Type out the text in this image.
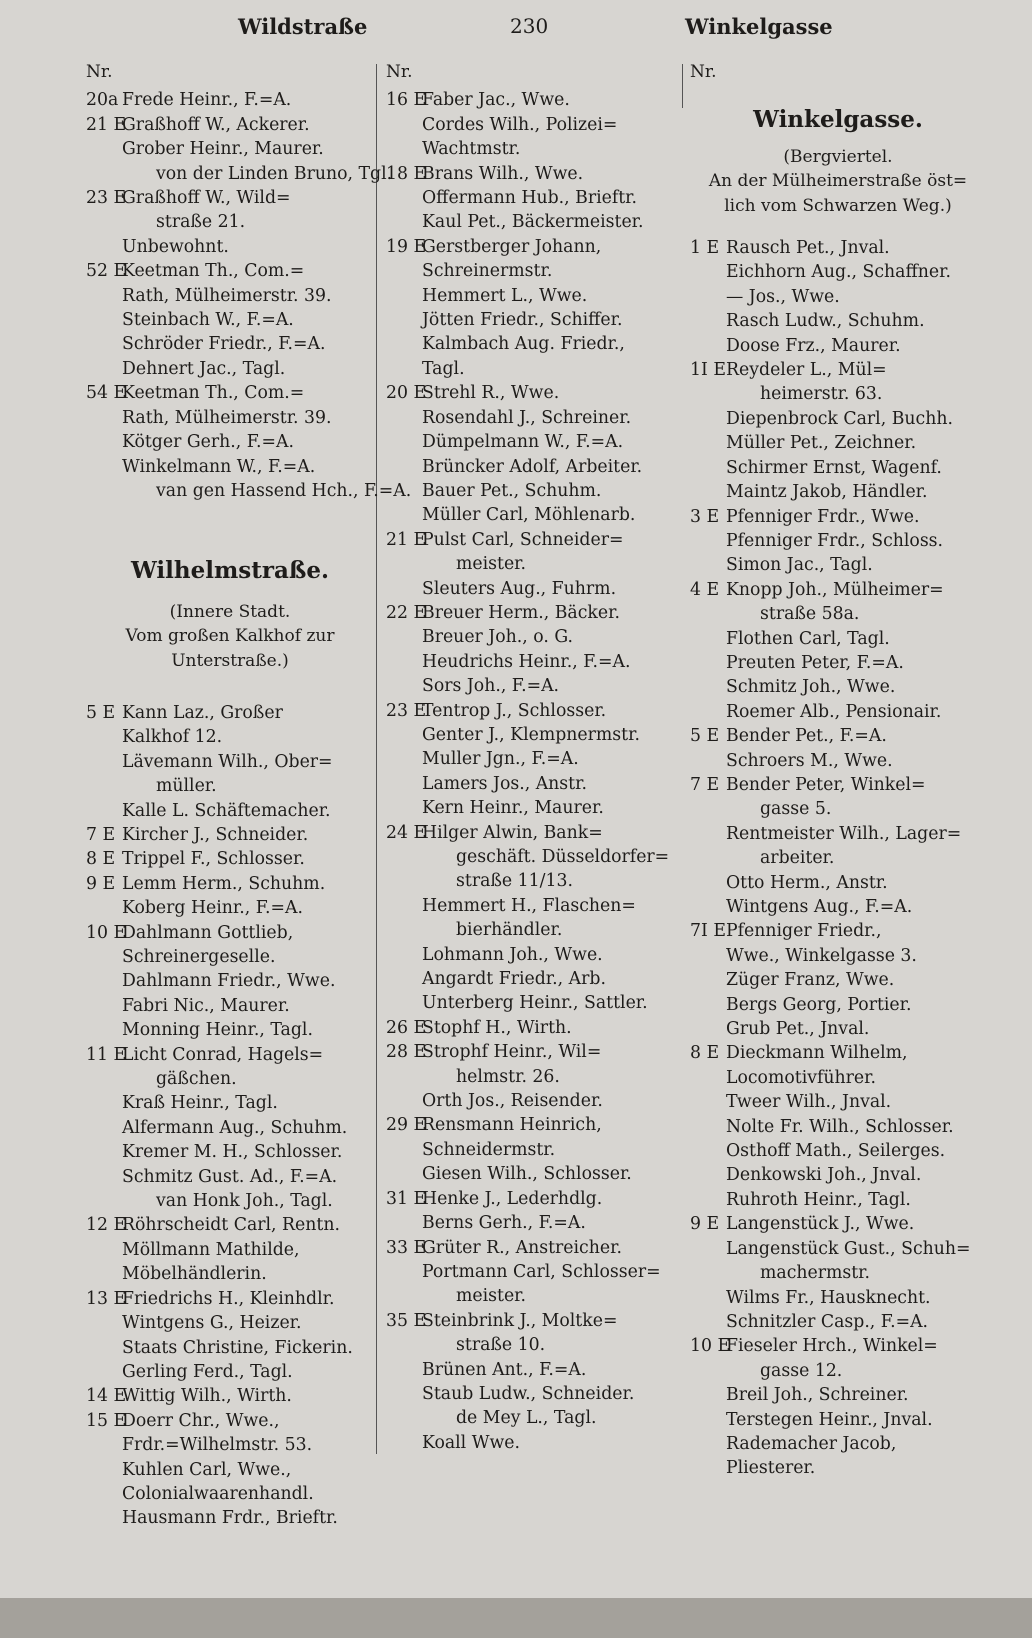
Wildstraße	230	Winkelgasse
Nr.
20a Frede Heinr., F.=A.
21 E
Graßhoff W., Ackerer.
Grober Heinr., Maurer.
von der Linden Bruno, Tgl.
23 E
Graßhoff W., Wild=
straße 21.
Unbewohnt.
52 E
Keetman Th., Com.=
Rath, Mülheimerstr. 39.
Steinbach W., F.=A.
Schröder Friedr., F.=A.
Dehnert Jac., Tagl.
54 E
Keetman Th., Com.=
Rath, Mülheimerstr. 39.
Kötger Gerh., F.=A.
Winkelmann W., F.=A.
van gen Hassend Hch., F.=A.
Wilhelmstraße.
(Innere Stadt.
Vom großen Kalkhof zur
Unterstraße.)
5 E Kann Laz., Großer
Kalkhof 12.
Lävemann Wilh., Ober=
müller.
Kalle L. Schäftemacher.
7 E Kircher J., Schneider.
8 E Trippel F., Schlosser.
9 E Lemm Herm., Schuhm.
Koberg Heinr., F.=A.
10 E
Dahlmann Gottlieb,
Schreinergeselle.
Dahlmann Friedr., Wwe.
Fabri Nic., Maurer.
Monning Heinr., Tagl.
11 E
Licht Conrad, Hagels=
gäßchen.
Kraß Heinr., Tagl.
Alfermann Aug., Schuhm.
Kremer M. H., Schlosser.
Schmitz Gust. Ad., F.=A.
van Honk Joh., Tagl.
12 E
Röhrscheidt Carl, Rentn.
Möllmann Mathilde,
Möbelhändlerin.
13 E
Friedrichs H., Kleinhdlr.
Wintgens G., Heizer.
Staats Christine, Fickerin.
Gerling Ferd., Tagl.
14 E
Wittig Wilh., Wirth.
15 E
Doerr Chr., Wwe.,
Frdr.=Wilhelmstr. 53.
Kuhlen Carl, Wwe.,
Colonialwaarenhandl.
Hausmann Frdr., Brieftr.
Nr.
16 E
Faber Jac., Wwe.
Cordes Wilh., Polizei=
Wachtmstr.
18 E
Brans Wilh., Wwe.
Offermann Hub., Brieftr.
Kaul Pet., Bäckermeister.
19 E
Gerstberger Johann,
Schreinermstr.
Hemmert L., Wwe.
Jötten Friedr., Schiffer.
Kalmbach Aug. Friedr.,
Tagl.
20 E
Strehl R., Wwe.
Rosendahl J., Schreiner.
Dümpelmann W., F.=A.
Brüncker Adolf, Arbeiter.
Bauer Pet., Schuhm.
Müller Carl, Möhlenarb.
21 E
Pulst Carl, Schneider=
meister.
Sleuters Aug., Fuhrm.
22 E
Breuer Herm., Bäcker.
Breuer Joh., o. G.
Heudrichs Heinr., F.=A.
Sors Joh., F.=A.
23 E
Tentrop J., Schlosser.
Genter J., Klempnermstr.
Muller Jgn., F.=A.
Lamers Jos., Anstr.
Kern Heinr., Maurer.
24 E
Hilger Alwin, Bank=
geschäft. Düsseldorfer=
straße 11/13.
Hemmert H., Flaschen=
bierhändler.
Lohmann Joh., Wwe.
Angardt Friedr., Arb.
Unterberg Heinr., Sattler.
26 E
Stophf H., Wirth.
28 E
Strophf Heinr., Wil=
helmstr. 26.
Orth Jos., Reisender.
29 E
Rensmann Heinrich,
Schneidermstr.
Giesen Wilh., Schlosser.
31 E
Henke J., Lederhdlg.
Berns Gerh., F.=A.
33 E
Grüter R., Anstreicher.
Portmann Carl, Schlosser=
meister.
35 E
Steinbrink J., Moltke=
straße 10.
Brünen Ant., F.=A.
Staub Ludw., Schneider.
de Mey L., Tagl.
Koall Wwe.
Nr.
Winkelgasse.
(Bergviertel.
An der Mülheimerstraße öst=
lich vom Schwarzen Weg.)
1 E Rausch Pet., Jnval.
Eichhorn Aug., Schaffner.
— Jos., Wwe.
Rasch Ludw., Schuhm.
Doose Frz., Maurer.
1I E Reydeler L., Mül=
heimerstr. 63.
Diepenbrock Carl, Buchh.
Müller Pet., Zeichner.
Schirmer Ernst, Wagenf.
Maintz Jakob, Händler.
3 E Pfenniger Frdr., Wwe.
Pfenniger Frdr., Schloss.
Simon Jac., Tagl.
4 E Knopp Joh., Mülheimer=
straße 58a.
Flothen Carl, Tagl.
Preuten Peter, F.=A.
Schmitz Joh., Wwe.
Roemer Alb., Pensionair.
5 E Bender Pet., F.=A.
Schroers M., Wwe.
7 E Bender Peter, Winkel=
gasse 5.
Rentmeister Wilh., Lager=
arbeiter.
Otto Herm., Anstr.
Wintgens Aug., F.=A.
7I E Pfenniger Friedr.,
Wwe., Winkelgasse 3.
Züger Franz, Wwe.
Bergs Georg, Portier.
Grub Pet., Jnval.
8 E Dieckmann Wilhelm,
Locomotivführer.
Tweer Wilh., Jnval.
Nolte Fr. Wilh., Schlosser.
Osthoff Math., Seilerges.
Denkowski Joh., Jnval.
Ruhroth Heinr., Tagl.
9 E Langenstück J., Wwe.
Langenstück Gust., Schuh=
machermstr.
Wilms Fr., Hausknecht.
Schnitzler Casp., F.=A.
10 E
Fieseler Hrch., Winkel=
gasse 12.
Breil Joh., Schreiner.
Terstegen Heinr., Jnval.
Rademacher Jacob,
Pliesterer.
